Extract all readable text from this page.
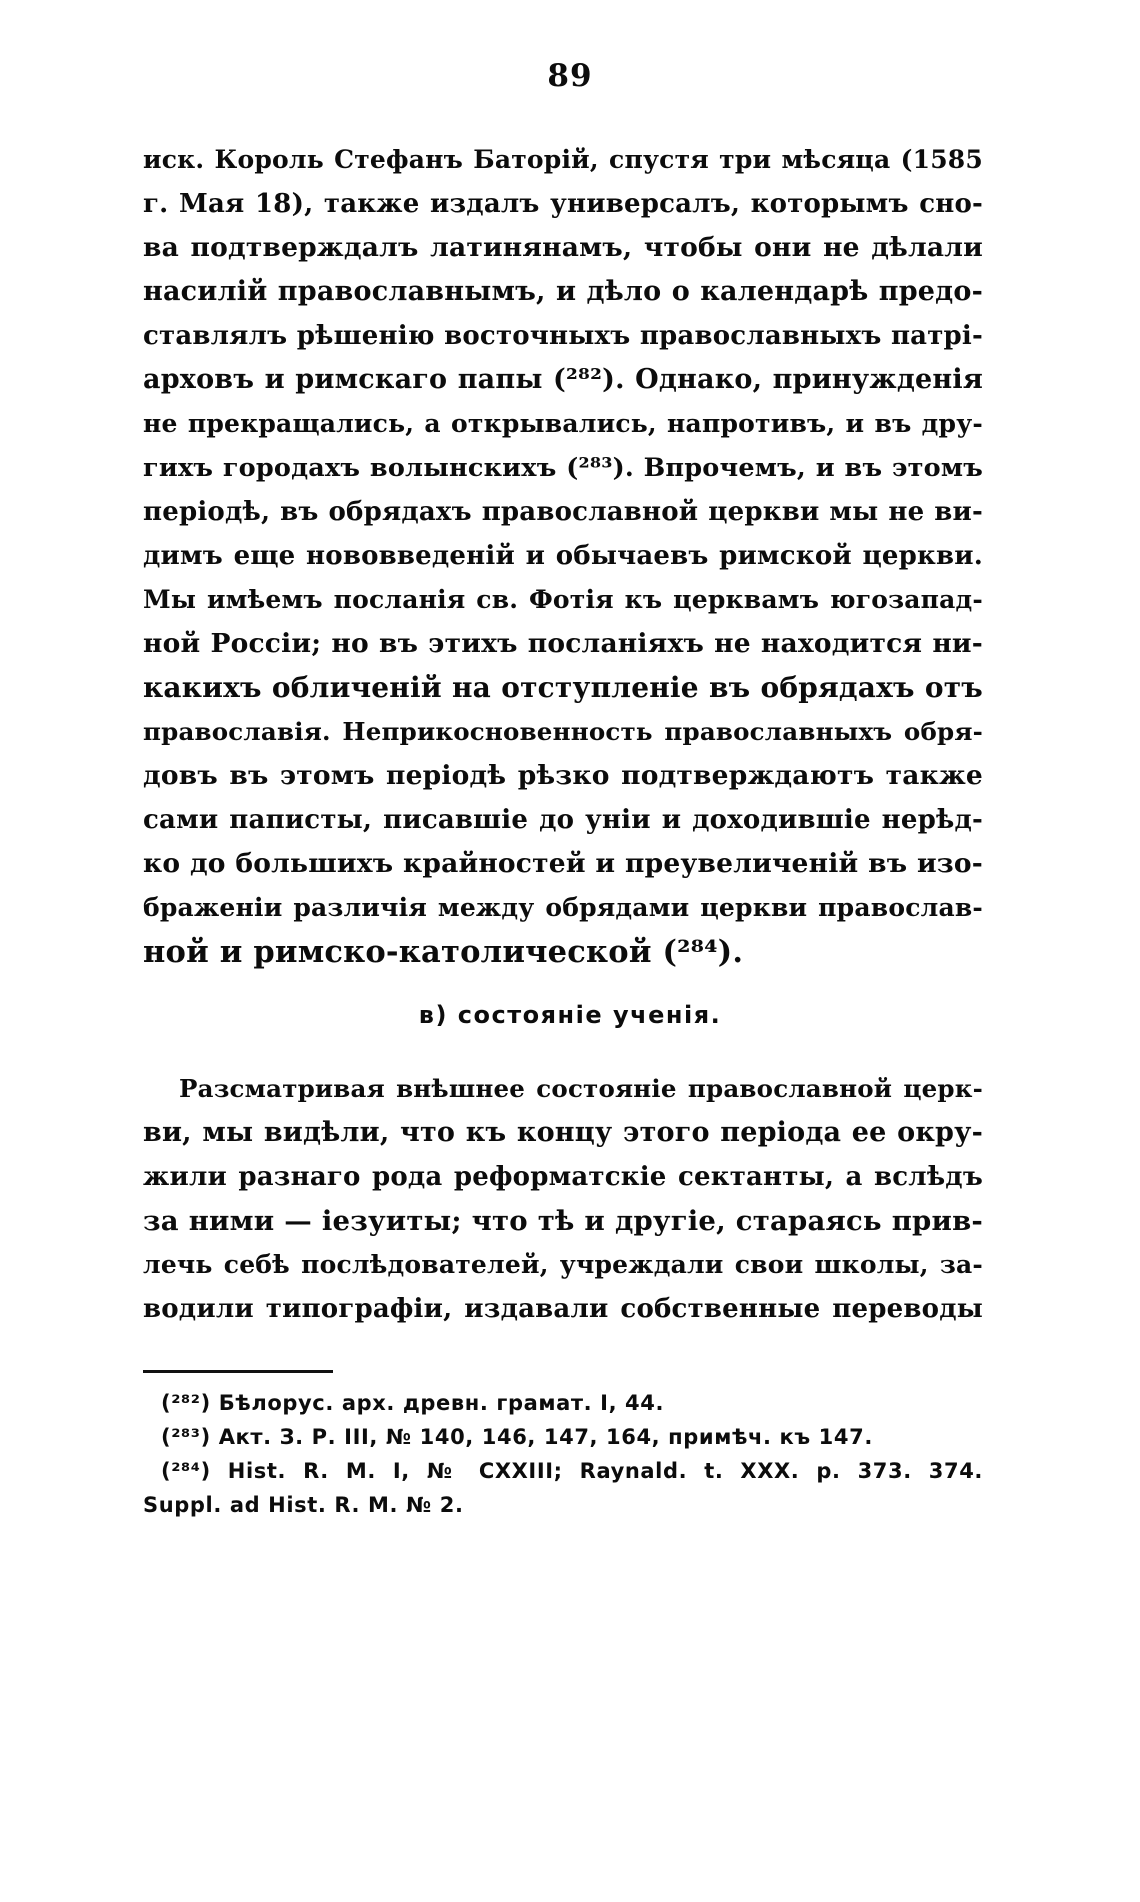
89
иск. Король Стефанъ Баторій, спустя три мѣсяца (1585
г. Мая 18), также издалъ универсалъ, которымъ сно-
ва подтверждалъ латинянамъ, чтобы они не дѣлали
насилій православнымъ, и дѣло о календарѣ предо-
ставлялъ рѣшенію восточныхъ православныхъ патрі-
арховъ и римскаго папы (²⁸²). Однако, принужденія
не прекращались, а открывались, напротивъ, и въ дру-
гихъ городахъ волынскихъ (²⁸³). Впрочемъ, и въ этомъ
періодѣ, въ обрядахъ православной церкви мы не ви-
димъ еще нововведеній и обычаевъ римской церкви.
Мы имѣемъ посланія св. Фотія къ церквамъ югозапад-
ной Россіи; но въ этихъ посланіяхъ не находится ни-
какихъ обличеній на отступленіе въ обрядахъ отъ
православія. Неприкосновенность православныхъ обря-
довъ въ этомъ періодѣ рѣзко подтверждаютъ также
сами паписты, писавшіе до уніи и доходившіе нерѣд-
ко до большихъ крайностей и преувеличеній въ изо-
браженіи различія между обрядами церкви православ-
ной и римско-католической (²⁸⁴).
в) состояніе ученія.
Разсматривая внѣшнее состояніе православной церк-
ви, мы видѣли, что къ концу этого періода ее окру-
жили разнаго рода реформатскіе сектанты, а вслѣдъ
за ними — іезуиты; что тѣ и другіе, стараясь прив-
лечь себѣ послѣдователей, учреждали свои школы, за-
водили типографіи, издавали собственные переводы
(²⁸²) Бѣлорус. арх. древн. грамат. I, 44.
(²⁸³) Акт. З. Р. III, № 140, 146, 147, 164, примѣч. къ 147.
(²⁸⁴) Hist. R. M. I, № CXXIII; Raynald. t. XXX. p. 373. 374.
Suppl. ad Hist. R. M. № 2.
